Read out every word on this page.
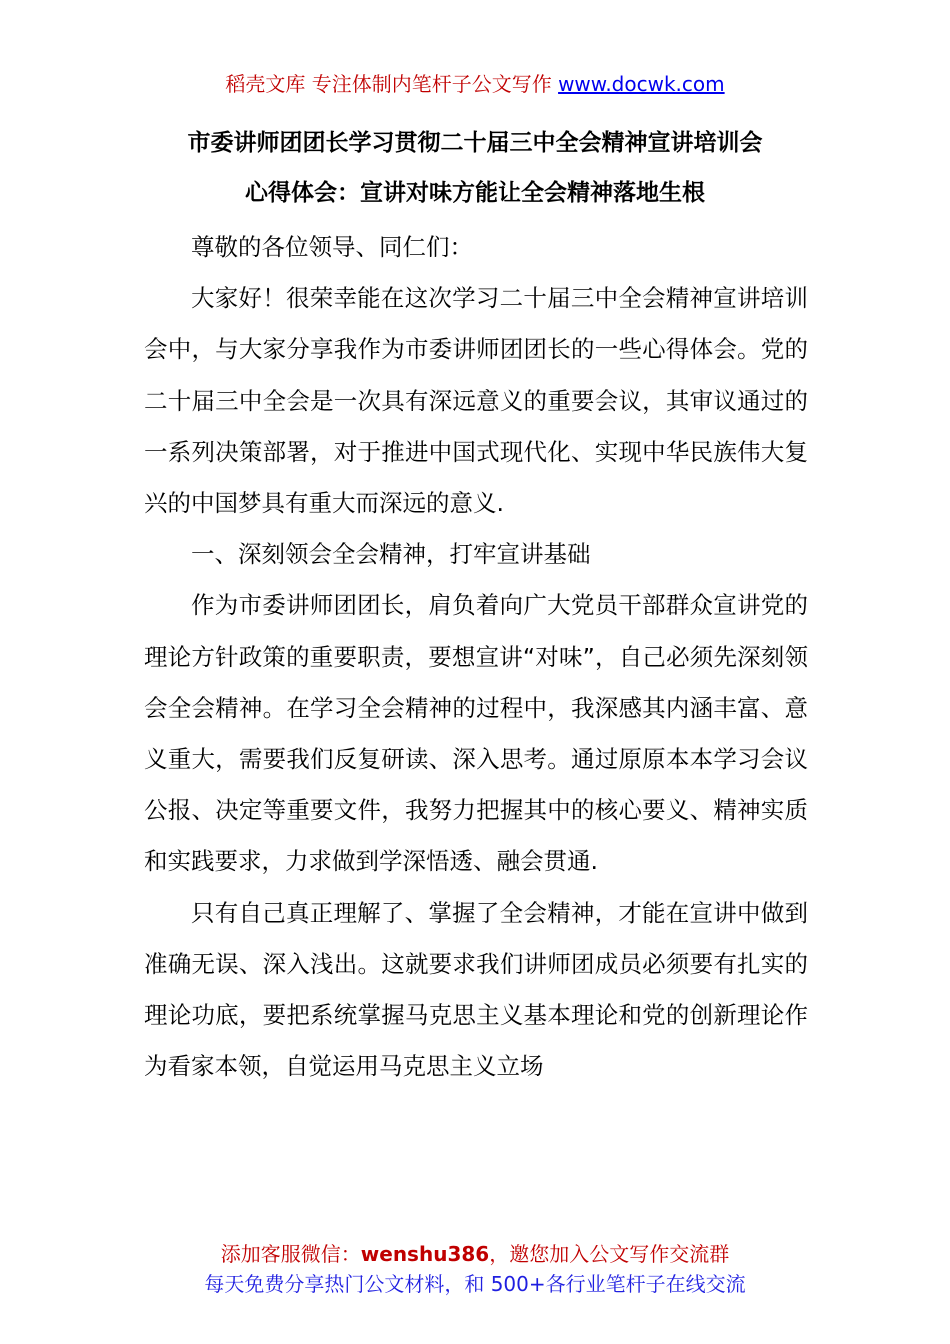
稻壳文库 专注体制内笔杆子公文写作 www.docwk.com
市委讲师团团长学习贯彻二十届三中全会精神宣讲培训会
心得体会：宣讲对味方能让全会精神落地生根

尊敬的各位领导、同仁们：

大家好！很荣幸能在这次学习二十届三中全会精神宣讲培训会中，与大家分享我作为市委讲师团团长的一些心得体会。党的二十届三中全会是一次具有深远意义的重要会议，其审议通过的一系列决策部署，对于推进中国式现代化、实现中华民族伟大复兴的中国梦具有重大而深远的意义.

一、深刻领会全会精神，打牢宣讲基础

作为市委讲师团团长，肩负着向广大党员干部群众宣讲党的理论方针政策的重要职责，要想宣讲“对味”，自己必须先深刻领会全会精神。在学习全会精神的过程中，我深感其内涵丰富、意义重大，需要我们反复研读、深入思考。通过原原本本学习会议公报、决定等重要文件，我努力把握其中的核心要义、精神实质和实践要求，力求做到学深悟透、融会贯通.

只有自己真正理解了、掌握了全会精神，才能在宣讲中做到准确无误、深入浅出。这就要求我们讲师团成员必须要有扎实的理论功底，要把系统掌握马克思主义基本理论和党的创新理论作为看家本领，自觉运用马克思主义立场

添加客服微信：wenshu386，邀您加入公文写作交流群
每天免费分享热门公文材料，和 500+各行业笔杆子在线交流
